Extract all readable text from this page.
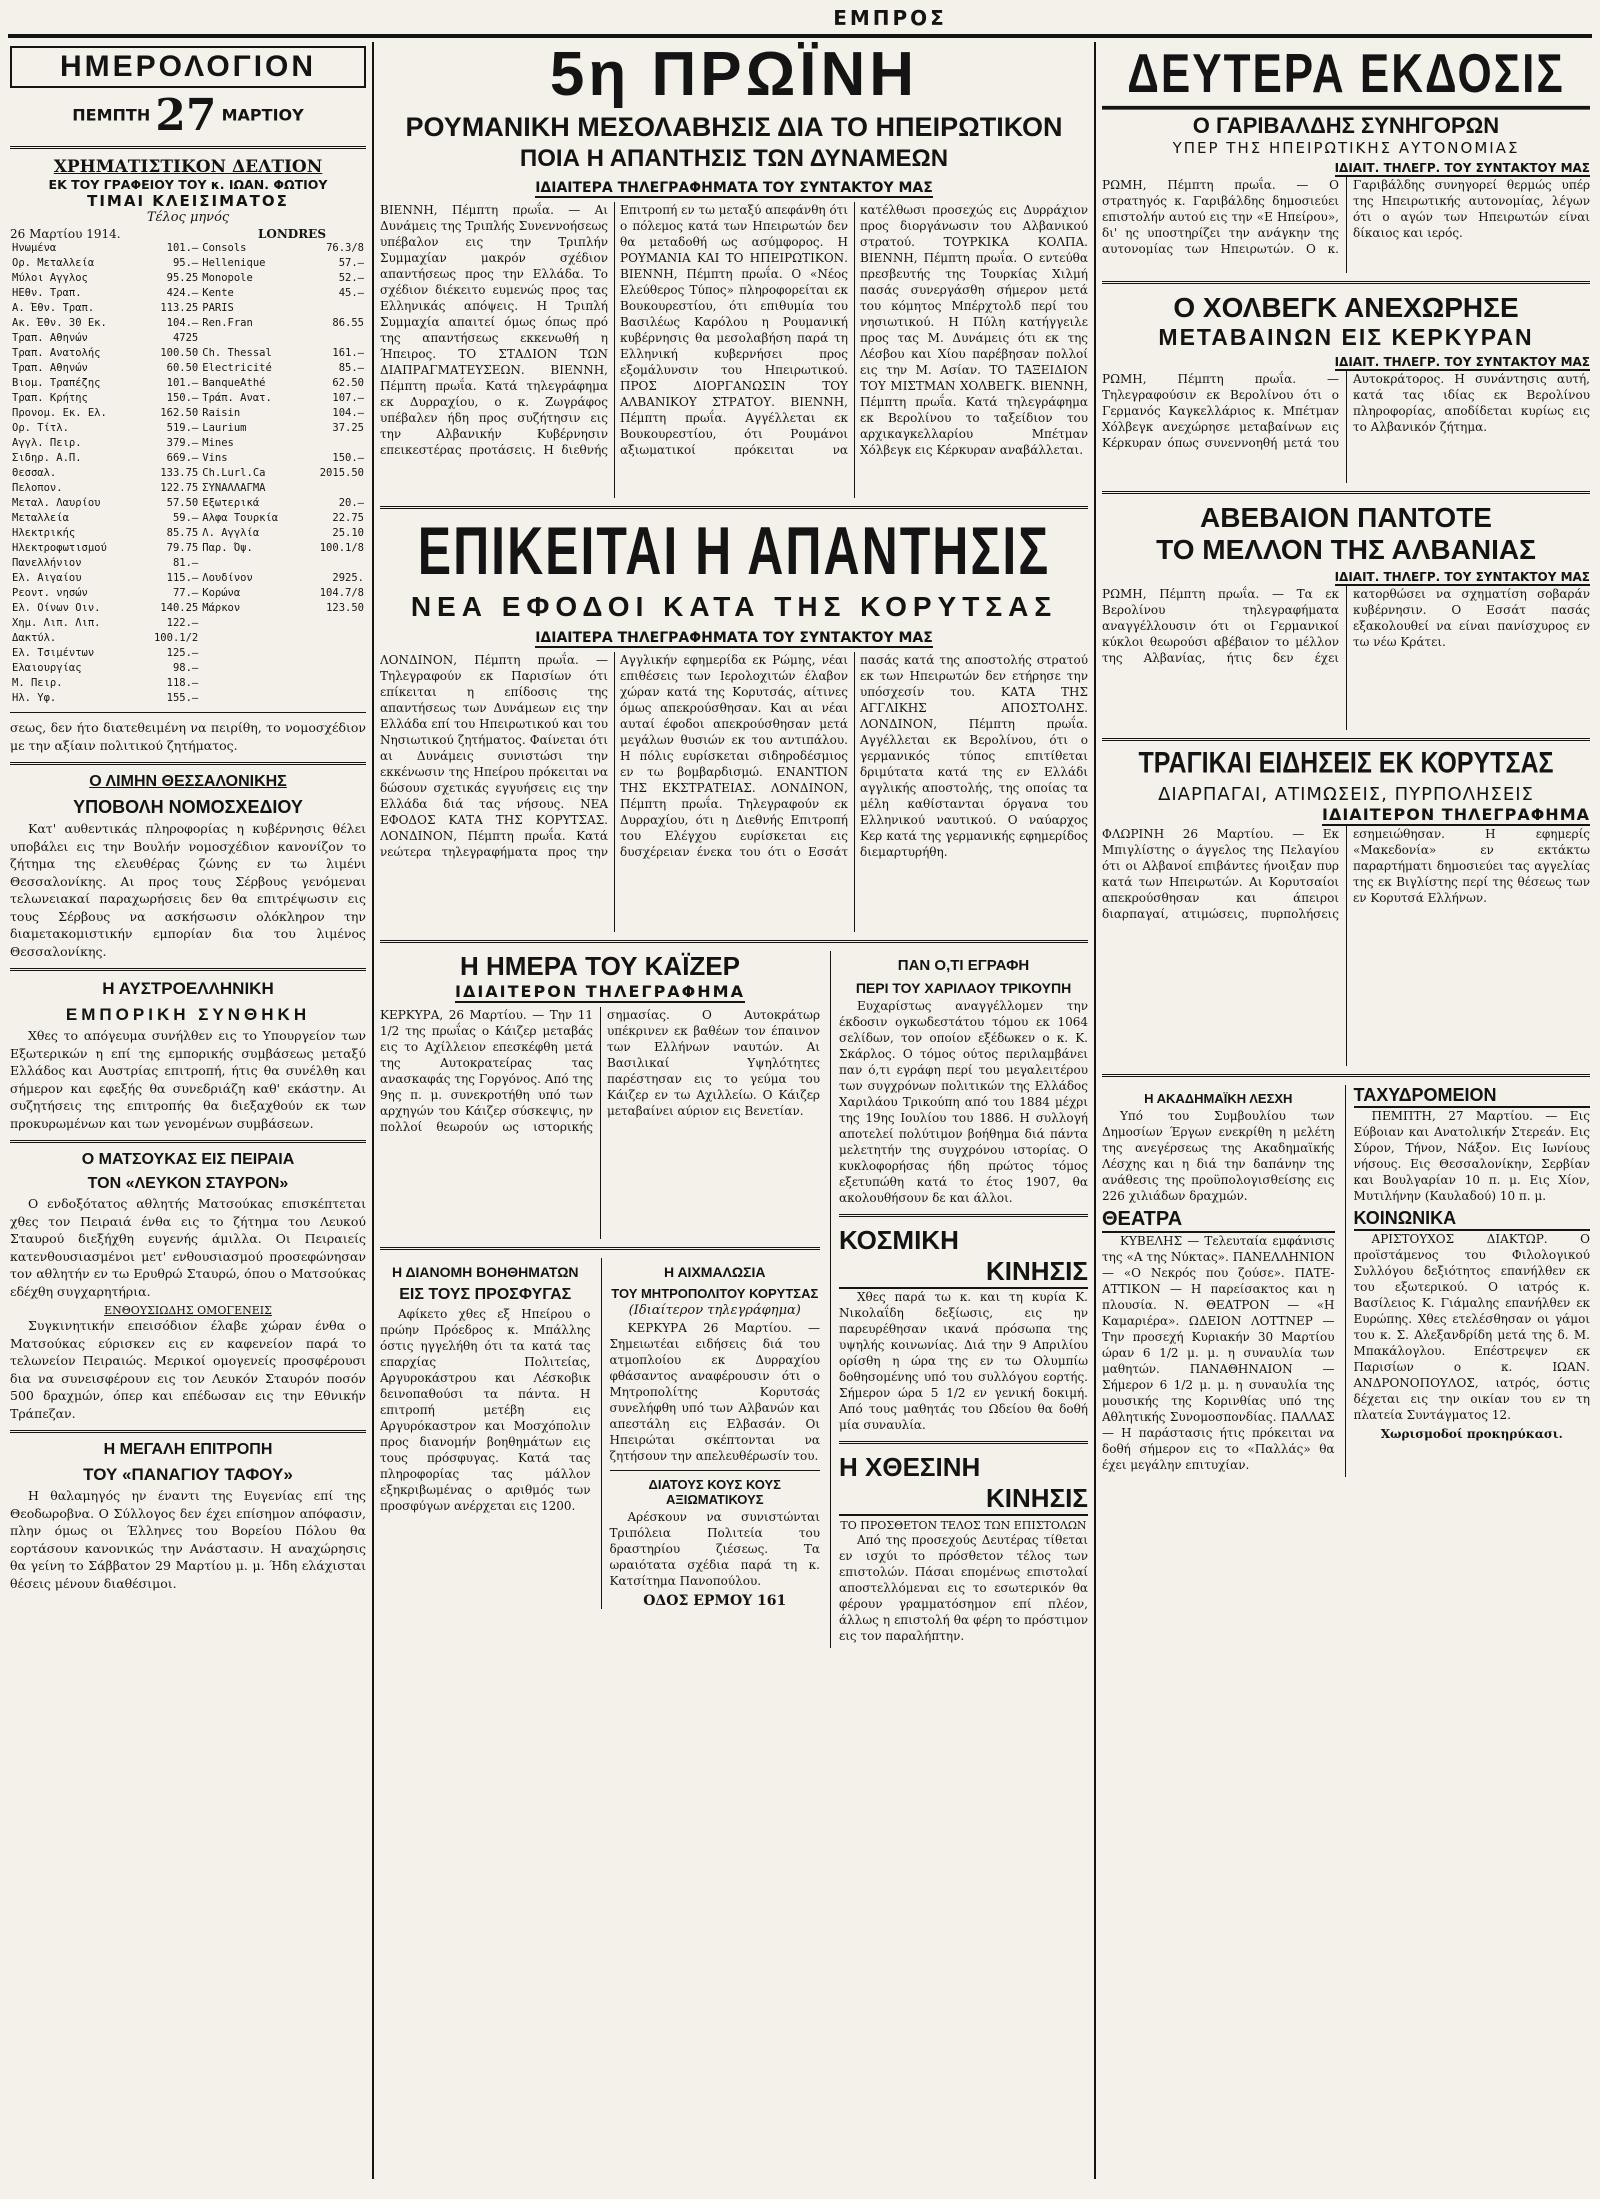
ΕΜΠΡΟΣ
ΗΜΕΡΟΛΟΓΙΟΝ
ΠΕΜΠΤΗ 27 ΜΑΡΤΙΟΥ
ΧΡΗΜΑΤΙΣΤΙΚΟΝ ΔΕΛΤΙΟΝ
ΕΚ ΤΟΥ ΓΡΑΦΕΙΟΥ ΤΟΥ κ. ΙΩΑΝ. ΦΩΤΙΟΥ
ΤΙΜΑΙ ΚΛΕΙΣΙΜΑΤΟΣ
Τέλος μηνός
26 Μαρτίου 1914.	LONDRES
Ηνωμένα	101.—	Consols	76.3/8
Ορ. Μεταλλεία	95.—	Hellenique	57.—
Μύλοι Αγγλος	95.25	Monopole	52.—
ΗΕθν. Τραπ.	424.—	Kente	45.—
Α. Έθν. Τραπ.	113.25	PARIS	
Ακ. Έθν. 30 Εκ.	104.—	Ren.Fran	86.55
Τραπ. Αθηνών	4725		
Τραπ. Ανατολής	100.50	Ch. Thessal	161.—
Τραπ. Αθηνών	60.50	Electricité	85.—
Βιομ. Τραπέζης	101.—	BanqueAthé	62.50
Τραπ. Κρήτης	150.—	Τράπ. Ανατ.	107.—
Προνομ. Εκ. Ελ.	162.50	Raisin	104.—
Ορ. Τίτλ.	519.—	Laurium	37.25
Αγγλ. Πειρ.	379.—	Mines	
Σιδηρ. Α.Π.	669.—	Vins	150.—
Θεσσαλ.	133.75	Ch.Lurl.Ca	2015.50
Πελοπον.	122.75	ΣΥΝΑΛΛΑΓΜΑ	
Μεταλ. Λαυρίου	57.50	Εξωτερικά	20.—
Μεταλλεία	59.—	Αλφα Τουρκία	22.75
Ηλεκτρικής	85.75	Λ. Αγγλία	25.10
Ηλεκτροφωτισμού	79.75	Παρ. Όψ.	100.1/8
Πανελλήνιον	81.—		
Ελ. Αιγαίου	115.—	Λουδίνον	2925.
Ρεοντ. νησών	77.—	Κορώνα	104.7/8
Ελ. Οίνων Οιν.	140.25	Μάρκον	123.50
Χημ. Λιπ. Λιπ.	122.—		
Δακτύλ.	100.1/2		
Ελ. Τσιμέντων	125.—		
Ελαιουργίας	98.—		
Μ. Πειρ.	118.—		
Ηλ. Υφ.	155.—		
σεως, δεν ήτο διατεθειμένη να πειρίθη, το νομοσχέδιον με την αξίαιν πολιτικού ζητήματος.
Ο ΛΙΜΗΝ ΘΕΣΣΑΛΟΝΙΚΗΣ
ΥΠΟΒΟΛΗ ΝΟΜΟΣΧΕΔΙΟΥ

Κατ' αυθεντικάς πληροφορίας η κυβέρνησις θέλει υποβάλει εις την Βουλήν νομοσχέδιον κανονίζον το ζήτημα της ελευθέρας ζώνης εν τω λιμένι Θεσσαλονίκης. Αι προς τους Σέρβους γενόμεναι τελωνειακαί παραχωρήσεις δεν θα επιτρέψωσιν εις τους Σέρβους να ασκήσωσιν ολόκληρον την διαμετακομιστικήν εμπορίαν δια του λιμένος Θεσσαλονίκης.

Η ΑΥΣΤΡΟΕΛΛΗΝΙΚΗ
ΕΜΠΟΡΙΚΗ ΣΥΝΘΗΚΗ

Χθες το απόγευμα συνήλθεν εις το Υπουργείον των Εξωτερικών η επί της εμπορικής συμβάσεως μεταξύ Ελλάδος και Αυστρίας επιτροπή, ήτις θα συνέλθη και σήμερον και εφεξής θα συνεδριάζη καθ' εκάστην. Αι συζητήσεις της επιτροπής θα διεξαχθούν εκ των προκυρωμένων και των γενομένων συμβάσεων.

Ο ΜΑΤΣΟΥΚΑΣ ΕΙΣ ΠΕΙΡΑΙΑ
ΤΟΝ «ΛΕΥΚΟΝ ΣΤΑΥΡΟΝ»

Ο ενδοξότατος αθλητής Ματσούκας επισκέπτεται χθες τον Πειραιά ένθα εις το ζήτημα του Λευκού Σταυρού διεξήχθη ευγενής άμιλλα. Οι Πειραιείς κατενθουσιασμένοι μετ' ενθουσιασμού προσεφώνησαν τον αθλητήν εν τω Ερυθρώ Σταυρώ, όπου ο Ματσούκας εδέχθη συγχαρητήρια.

ΕΝΘΟΥΣΙΩΔΗΣ ΟΜΟΓΕΝΕΙΣ

Συγκινητικήν επεισόδιον έλαβε χώραν ένθα ο Ματσούκας εύρισκεν εις εν καφενείον παρά το τελωνείον Πειραιώς. Μερικοί ομογενείς προσφέρουσι δια να συνεισφέρουν εις τον Λευκόν Σταυρόν ποσόν 500 δραχμών, όπερ και επέδωσαν εις την Εθνικήν Τράπεζαν.

Η ΜΕΓΑΛΗ ΕΠΙΤΡΟΠΗ
ΤΟΥ «ΠΑΝΑΓΙΟΥ ΤΑΦΟΥ»

Η θαλαμηγός ην έναντι της Ευγενίας επί της Θεοδωροβνα. Ο Σύλλογος δεν έχει επίσημον απόφασιν, πλην όμως οι Έλληνες του Βορείου Πόλου θα εορτάσουν κανονικώς την Ανάστασιν. Η αναχώρησις θα γείνη το Σάββατον 29 Μαρτίου μ. μ. Ήδη ελάχισται θέσεις μένουν διαθέσιμοι.

5η ΠΡΩΪΝΗ
ΡΟΥΜΑΝΙΚΗ ΜΕΣΟΛΑΒΗΣΙΣ ΔΙΑ ΤΟ ΗΠΕΙΡΩΤΙΚΟΝ
ΠΟΙΑ Η ΑΠΑΝΤΗΣΙΣ ΤΩΝ ΔΥΝΑΜΕΩΝ
ΙΔΙΑΙΤΕΡΑ ΤΗΛΕΓΡΑΦΗΜΑΤΑ ΤΟΥ ΣΥΝΤΑΚΤΟΥ ΜΑΣ
ΒΙΕΝΝΗ, Πέμπτη πρωΐα. — Αι Δυνάμεις της Τριπλής Συνεννοήσεως υπέβαλον εις την Τριπλήν Συμμαχίαν μακρόν σχέδιον απαντήσεως προς την Ελλάδα. Το σχέδιον διέκειτο ευμενώς προς τας Ελληνικάς απόψεις. Η Τριπλή Συμμαχία απαιτεί όμως όπως πρό της απαντήσεως εκκενωθή η Ήπειρος. ΤΟ ΣΤΑΔΙΟΝ ΤΩΝ ΔΙΑΠΡΑΓΜΑΤΕΥΣΕΩΝ. ΒΙΕΝΝΗ, Πέμπτη πρωΐα. Κατά τηλεγράφημα εκ Δυρραχίου, ο κ. Ζωγράφος υπέβαλεν ήδη προς συζήτησιν εις την Αλβανικήν Κυβέρνησιν επεικεστέρας προτάσεις. Η διεθνής Επιτροπή εν τω μεταξύ απεφάνθη ότι ο πόλεμος κατά των Ηπειρωτών δεν θα μεταδοθή ως ασύμφορος. Η ΡΟΥΜΑΝΙΑ ΚΑΙ ΤΟ ΗΠΕΙΡΩΤΙΚΟΝ. ΒΙΕΝΝΗ, Πέμπτη πρωΐα. Ο «Νέος Ελεύθερος Τύπος» πληροφορείται εκ Βουκουρεστίου, ότι επιθυμία του Βασιλέως Καρόλου η Ρουμανική κυβέρνησις θα μεσολαβήση παρά τη Ελληνική κυβερνήσει προς εξομάλυνσιν του Ηπειρωτικού. ΠΡΟΣ ΔΙΟΡΓΑΝΩΣΙΝ ΤΟΥ ΑΛΒΑΝΙΚΟΥ ΣΤΡΑΤΟΥ. ΒΙΕΝΝΗ, Πέμπτη πρωΐα. Αγγέλλεται εκ Βουκουρεστίου, ότι Ρουμάνοι αξιωματικοί πρόκειται να κατέλθωσι προσεχώς εις Δυρράχιον προς διοργάνωσιν του Αλβανικού στρατού. ΤΟΥΡΚΙΚΑ ΚΟΛΠΑ. ΒΙΕΝΝΗ, Πέμπτη πρωΐα. Ο εντεύθα πρεσβευτής της Τουρκίας Χιλμή πασάς συνεργάσθη σήμερον μετά του κόμητος Μπέρχτολδ περί του νησιωτικού. Η Πύλη κατήγγειλε προς τας Μ. Δυνάμεις ότι εκ της Λέσβου και Χίου παρέβησαν πολλοί εις την Μ. Ασίαν. ΤΟ ΤΑΞΕΙΔΙΟΝ ΤΟΥ ΜΙΣΤΜΑΝ ΧΟΛΒΕΓΚ. ΒΙΕΝΝΗ, Πέμπτη πρωΐα. Κατά τηλεγράφημα εκ Βερολίνου το ταξείδιον του αρχικαγκελλαρίου Μπέτμαν Χόλβεγκ εις Κέρκυραν αναβάλλεται.
ΕΠΙΚΕΙΤΑΙ Η ΑΠΑΝΤΗΣΙΣ
ΝΕΑ ΕΦΟΔΟΙ ΚΑΤΑ ΤΗΣ ΚΟΡΥΤΣΑΣ
ΙΔΙΑΙΤΕΡΑ ΤΗΛΕΓΡΑΦΗΜΑΤΑ ΤΟΥ ΣΥΝΤΑΚΤΟΥ ΜΑΣ
ΛΟΝΔΙΝΟΝ, Πέμπτη πρωΐα. — Τηλεγραφούν εκ Παρισίων ότι επίκειται η επίδοσις της απαντήσεως των Δυνάμεων εις την Ελλάδα επί του Ηπειρωτικού και του Νησιωτικού ζητήματος. Φαίνεται ότι αι Δυνάμεις συνιστώσι την εκκένωσιν της Ηπείρου πρόκειται να δώσουν σχετικάς εγγυήσεις εις την Ελλάδα διά τας νήσους. ΝΕΑ ΕΦΟΔΟΣ ΚΑΤΑ ΤΗΣ ΚΟΡΥΤΣΑΣ. ΛΟΝΔΙΝΟΝ, Πέμπτη πρωΐα. Κατά νεώτερα τηλεγραφήματα προς την Αγγλικήν εφημερίδα εκ Ρώμης, νέαι επιθέσεις των Ιερολοχιτών έλαβον χώραν κατά της Κορυτσάς, αίτινες όμως απεκρούσθησαν. Και αι νέαι αυταί έφοδοι απεκρούσθησαν μετά μεγάλων θυσιών εκ του αντιπάλου. Η πόλις ευρίσκεται σιδηροδέσμιος εν τω βομβαρδισμώ. ΕΝΑΝΤΙΟΝ ΤΗΣ ΕΚΣΤΡΑΤΕΙΑΣ. ΛΟΝΔΙΝΟΝ, Πέμπτη πρωΐα. Τηλεγραφούν εκ Δυρραχίου, ότι η Διεθνής Επιτροπή του Ελέγχου ευρίσκεται εις δυσχέρειαν ένεκα του ότι ο Εσσάτ πασάς κατά της αποστολής στρατού εκ των Ηπειρωτών δεν ετήρησε την υπόσχεσίν του. ΚΑΤΑ ΤΗΣ ΑΓΓΛΙΚΗΣ ΑΠΟΣΤΟΛΗΣ. ΛΟΝΔΙΝΟΝ, Πέμπτη πρωΐα. Αγγέλλεται εκ Βερολίνου, ότι ο γερμανικός τύπος επιτίθεται δριμύτατα κατά της εν Ελλάδι αγγλικής αποστολής, της οποίας τα μέλη καθίστανται όργανα του Ελληνικού ναυτικού. Ο ναύαρχος Κερ κατά της γερμανικής εφημερίδος διεμαρτυρήθη.
Η ΗΜΕΡΑ ΤΟΥ ΚΑΪΖΕΡ
ΙΔΙΑΙΤΕΡΟΝ ΤΗΛΕΓΡΑΦΗΜΑ
ΚΕΡΚΥΡΑ, 26 Μαρτίου. — Την 11 1/2 της πρωΐας ο Κάιζερ μεταβάς εις το Αχίλλειον επεσκέφθη μετά της Αυτοκρατείρας τας ανασκαφάς της Γοργόνος. Από της 9ης π. μ. συνεκροτήθη υπό των αρχηγών του Κάιζερ σύσκεψις, ην πολλοί θεωρούν ως ιστορικής σημασίας. Ο Αυτοκράτωρ υπέκρινεν εκ βαθέων τον έπαινον των Ελλήνων ναυτών. Αι Βασιλικαί Υψηλότητες παρέστησαν εις το γεύμα του Κάιζερ εν τω Αχιλλείω. Ο Κάιζερ μεταβαίνει αύριον εις Βενετίαν.
Η ΔΙΑΝΟΜΗ ΒΟΗΘΗΜΑΤΩΝ
ΕΙΣ ΤΟΥΣ ΠΡΟΣΦΥΓΑΣ

Αφίκετο χθες εξ Ηπείρου ο πρώην Πρόεδρος κ. Μπάλλης όστις ηγγελήθη ότι τα κατά τας επαρχίας Πολιτείας, Αργυροκάστρου και Λέσκοβικ δεινοπαθούσι τα πάντα. Η επιτροπή μετέβη εις Αργυρόκαστρον και Μοσχόπολιν προς διανομήν βοηθημάτων εις τους πρόσφυγας. Κατά τας πληροφορίας τας μάλλον εξηκριβωμένας ο αριθμός των προσφύγων ανέρχεται εις 1200.

Η ΑΙΧΜΑΛΩΣΙΑ
ΤΟΥ ΜΗΤΡΟΠΟΛΙΤΟΥ ΚΟΡΥΤΣΑΣ
(Ιδιαίτερον τηλεγράφημα)

ΚΕΡΚΥΡΑ 26 Μαρτίου. — Σημειωτέαι ειδήσεις διά του ατμοπλοίου εκ Δυρραχίου φθάσαντος αναφέρουσιν ότι ο Μητροπολίτης Κορυτσάς συνελήφθη υπό των Αλβανών και απεστάλη εις Ελβασάν. Οι Ηπειρώται σκέπτονται να ζητήσουν την απελευθέρωσίν του.

ΔΙΑΤΟΥΣ ΚΟΥΣ ΚΟΥΣ ΑΞΙΩΜΑΤΙΚΟΥΣ

Αρέσκουν να συνιστώνται Τριπόλεια Πολιτεία του δραστηρίου ζιέσεως. Τα ωραιότατα σχέδια παρά τη κ. Κατσίτημα Πανοπούλου.

ΟΔΟΣ ΕΡΜΟΥ 161
ΠΑΝ Ο,ΤΙ ΕΓΡΑΦΗ
ΠΕΡΙ ΤΟΥ ΧΑΡΙΛΑΟΥ ΤΡΙΚΟΥΠΗ

Ευχαρίστως αναγγέλλομεν την έκδοσιν ογκωδεστάτου τόμου εκ 1064 σελίδων, τον οποίον εξέδωκεν ο κ. Κ. Σκάρλος. Ο τόμος ούτος περιλαμβάνει παν ό,τι εγράφη περί του μεγαλειτέρου των συγχρόνων πολιτικών της Ελλάδος Χαριλάου Τρικούπη από του 1884 μέχρι της 19ης Ιουλίου του 1886. Η συλλογή αποτελεί πολύτιμον βοήθημα διά πάντα μελετητήν της συγχρόνου ιστορίας. Ο κυκλοφορήσας ήδη πρώτος τόμος εξετυπώθη κατά το έτος 1907, θα ακολουθήσουν δε και άλλοι.

ΚΟΣΜΙΚΗ
ΚΙΝΗΣΙΣ

Χθες παρά τω κ. και τη κυρία Κ. Νικολαΐδη δεξίωσις, εις ην παρευρέθησαν ικανά πρόσωπα της υψηλής κοινωνίας. Διά την 9 Απριλίου ορίσθη η ώρα της εν τω Ολυμπίω δοθησομένης υπό του συλλόγου εορτής. Σήμερον ώρα 5 1/2 εν γενική δοκιμή. Από τους μαθητάς του Ωδείου θα δοθή μία συναυλία.

Η ΧΘΕΣΙΝΗ
ΚΙΝΗΣΙΣ
ΤΟ ΠΡΟΣΘΕΤΟΝ ΤΕΛΟΣ ΤΩΝ ΕΠΙΣΤΟΛΩΝ

Από της προσεχούς Δευτέρας τίθεται εν ισχύι το πρόσθετον τέλος των επιστολών. Πάσαι επομένως επιστολαί αποστελλόμεναι εις το εσωτερικόν θα φέρουν γραμματόσημον επί πλέον, άλλως η επιστολή θα φέρη το πρόστιμον εις τον παραλήπτην.

ΔΕΥΤΕΡΑ ΕΚΔΟΣΙΣ
Ο ΓΑΡΙΒΑΛΔΗΣ ΣΥΝΗΓΟΡΩΝ
ΥΠΕΡ ΤΗΣ ΗΠΕΙΡΩΤΙΚΗΣ ΑΥΤΟΝΟΜΙΑΣ
ΙΔΙΑΙΤ. ΤΗΛΕΓΡ. ΤΟΥ ΣΥΝΤΑΚΤΟΥ ΜΑΣ
ΡΩΜΗ, Πέμπτη πρωΐα. — Ο στρατηγός κ. Γαριβάλδης δημοσιεύει επιστολήν αυτού εις την «Ε Ηπείρου», δι' ης υποστηρίζει την ανάγκην της αυτονομίας των Ηπειρωτών. Ο κ. Γαριβάλδης συνηγορεί θερμώς υπέρ της Ηπειρωτικής αυτονομίας, λέγων ότι ο αγών των Ηπειρωτών είναι δίκαιος και ιερός.
Ο ΧΟΛΒΕΓΚ ΑΝΕΧΩΡΗΣΕ
ΜΕΤΑΒΑΙΝΩΝ ΕΙΣ ΚΕΡΚΥΡΑΝ
ΙΔΙΑΙΤ. ΤΗΛΕΓΡ. ΤΟΥ ΣΥΝΤΑΚΤΟΥ ΜΑΣ
ΡΩΜΗ, Πέμπτη πρωΐα. — Τηλεγραφούσιν εκ Βερολίνου ότι ο Γερμανός Καγκελλάριος κ. Μπέτμαν Χόλβεγκ ανεχώρησε μεταβαίνων εις Κέρκυραν όπως συνεννοηθή μετά του Αυτοκράτορος. Η συνάντησις αυτή, κατά τας ιδίας εκ Βερολίνου πληροφορίας, αποδίδεται κυρίως εις το Αλβανικόν ζήτημα.
ΑΒΕΒΑΙΟΝ ΠΑΝΤΟΤΕ
ΤΟ ΜΕΛΛΟΝ ΤΗΣ ΑΛΒΑΝΙΑΣ
ΙΔΙΑΙΤ. ΤΗΛΕΓΡ. ΤΟΥ ΣΥΝΤΑΚΤΟΥ ΜΑΣ
ΡΩΜΗ, Πέμπτη πρωΐα. — Τα εκ Βερολίνου τηλεγραφήματα αναγγέλλουσιν ότι οι Γερμανικοί κύκλοι θεωρούσι αβέβαιον το μέλλον της Αλβανίας, ήτις δεν έχει κατορθώσει να σχηματίση σοβαράν κυβέρνησιν. Ο Εσσάτ πασάς εξακολουθεί να είναι πανίσχυρος εν τω νέω Κράτει.
ΤΡΑΓΙΚΑΙ ΕΙΔΗΣΕΙΣ ΕΚ ΚΟΡΥΤΣΑΣ
ΔΙΑΡΠΑΓΑΙ, ΑΤΙΜΩΣΕΙΣ, ΠΥΡΠΟΛΗΣΕΙΣ
ΙΔΙΑΙΤΕΡΟΝ ΤΗΛΕΓΡΑΦΗΜΑ
ΦΛΩΡΙΝΗ 26 Μαρτίου. — Εκ Μπιγλίστης ο άγγελος της Πελαγίου ότι οι Αλβανοί επιβάντες ήνοιξαν πυρ κατά των Ηπειρωτών. Αι Κορυτσαίοι απεκρούσθησαν και άπειροι διαρπαγαί, ατιμώσεις, πυρπολήσεις εσημειώθησαν. Η εφημερίς «Μακεδονία» εν εκτάκτω παραρτήματι δημοσιεύει τας αγγελίας της εκ Βιγλίστης περί της θέσεως των εν Κορυτσά Ελλήνων.
Η ΑΚΑΔΗΜΑΪΚΗ ΛΕΣΧΗ

Υπό του Συμβουλίου των Δημοσίων Έργων ενεκρίθη η μελέτη της ανεγέρσεως της Ακαδημαϊκής Λέσχης και η διά την δαπάνην της ανάθεσις της προϋπολογισθείσης εις 226 χιλιάδων δραχμών.

ΘΕΑΤΡΑ

ΚΥΒΕΛΗΣ — Τελευταία εμφάνισις της «Α της Νύκτας». ΠΑΝΕΛΛΗΝΙΟΝ — «Ο Νεκρός που ζούσε». ΠΑΤΕ-ΑΤΤΙΚΟΝ — Η παρείσακτος και η πλουσία. Ν. ΘΕΑΤΡΟΝ — «Η Καμαριέρα». ΩΔΕΙΟΝ ΛΟΤΤΝΕΡ — Την προσεχή Κυριακήν 30 Μαρτίου ώραν 6 1/2 μ. μ. η συναυλία των μαθητών. ΠΑΝΑΘΗΝΑΙΟΝ — Σήμερον 6 1/2 μ. μ. η συναυλία της μουσικής της Κορινθίας υπό της Αθλητικής Συνομοσπονδίας. ΠΑΛΛΑΣ — Η παράστασις ήτις πρόκειται να δοθή σήμερον εις το «Παλλάς» θα έχει μεγάλην επιτυχίαν.

ΤΑΧΥΔΡΟΜΕΙΟΝ

ΠΕΜΠΤΗ, 27 Μαρτίου. — Εις Εύβοιαν και Ανατολικήν Στερεάν. Εις Σύρον, Τήνον, Νάξον. Εις Ιωνίους νήσους. Εις Θεσσαλονίκην, Σερβίαν και Βουλγαρίαν 10 π. μ. Εις Χίον, Μυτιλήνην (Καυλαδού) 10 π. μ.

ΚΟΙΝΩΝΙΚΑ

ΑΡΙΣΤΟΥΧΟΣ ΔΙΑΚΤΩΡ. Ο προϊστάμενος του Φιλολογικού Συλλόγου δεξιότητος επανήλθεν εκ του εξωτερικού. Ο ιατρός κ. Βασίλειος Κ. Γιάμαλης επανήλθεν εκ Ευρώπης. Χθες ετελέσθησαν οι γάμοι του κ. Σ. Αλεξανδρίδη μετά της δ. Μ. Μπακάλογλου. Επέστρεψεν εκ Παρισίων ο κ. ΙΩΑΝ. ΑΝΔΡΟΝΟΠΟΥΛΟΣ, ιατρός, όστις δέχεται εις την οικίαν του εν τη πλατεία Συντάγματος 12.

Χωρισμοδοί προκηρύκασι.
